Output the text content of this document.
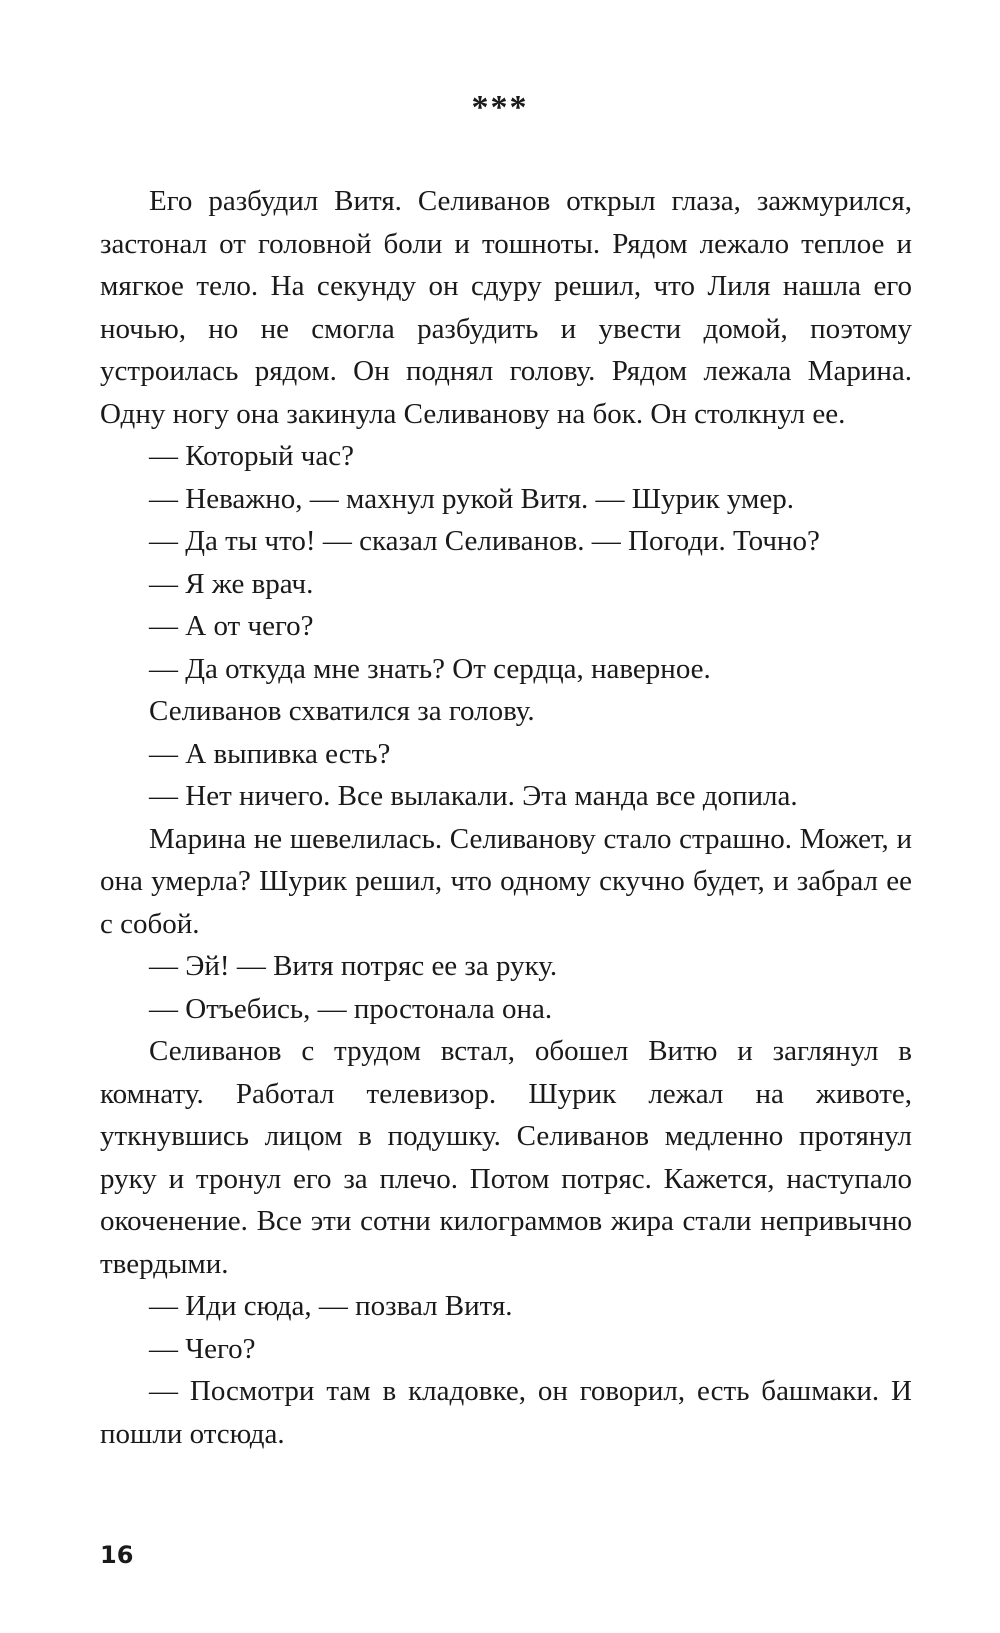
***

Его разбудил Витя. Селиванов открыл глаза, зажмурился, застонал от головной боли и тошноты. Рядом лежало теплое и мягкое тело. На секунду он сдуру решил, что Лиля нашла его ночью, но не смогла разбудить и увести домой, поэтому устроилась рядом. Он поднял голову. Рядом лежала Марина. Одну ногу она закинула Селиванову на бок. Он столкнул ее.

— Который час?

— Неважно, — махнул рукой Витя. — Шурик умер.

— Да ты что! — сказал Селиванов. — Погоди. Точно?

— Я же врач.

— А от чего?

— Да откуда мне знать? От сердца, наверное.

Селиванов схватился за голову.

— А выпивка есть?

— Нет ничего. Все вылакали. Эта манда все допила.

Марина не шевелилась. Селиванову стало страшно. Может, и она умерла? Шурик решил, что одному скучно будет, и забрал ее с собой.

— Эй! — Витя потряс ее за руку.

— Отъебись, — простонала она.

Селиванов с трудом встал, обошел Витю и заглянул в комнату. Работал телевизор. Шурик лежал на животе, уткнувшись лицом в подушку. Селиванов медленно протянул руку и тронул его за плечо. Потом потряс. Кажется, наступало окоченение. Все эти сотни килограммов жира стали непривычно твердыми.

— Иди сюда, — позвал Витя.

— Чего?

— Посмотри там в кладовке, он говорил, есть башмаки. И пошли отсюда.

16
